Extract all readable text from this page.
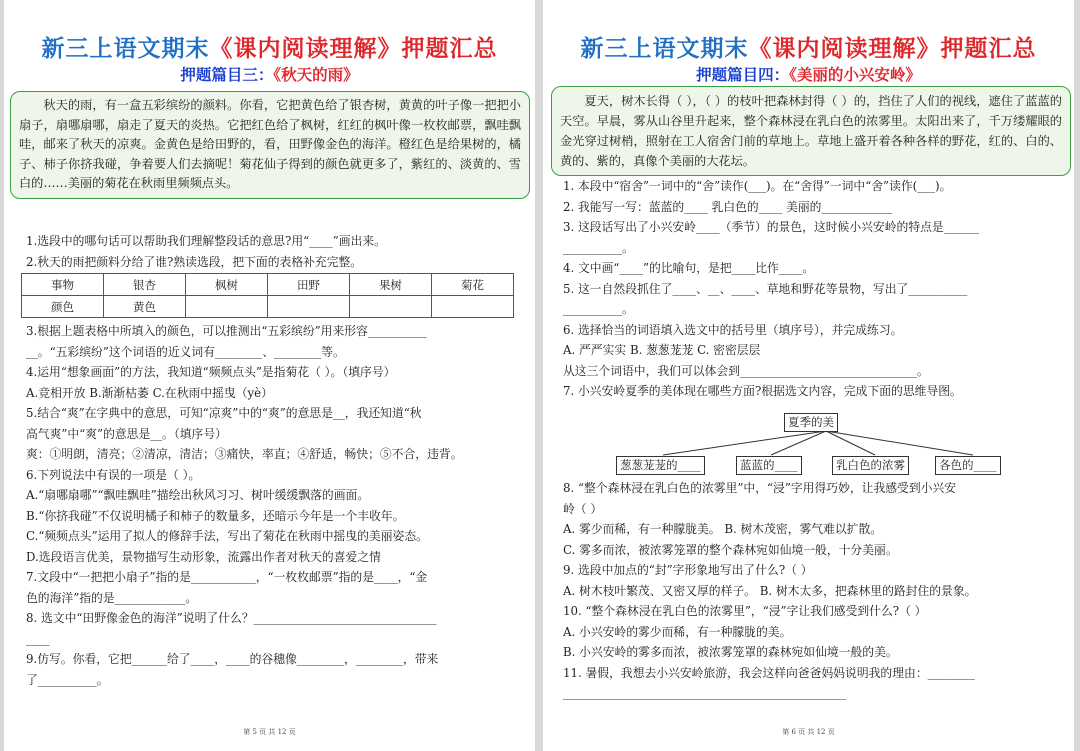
新三上语文期末《课内阅读理解》押题汇总
押题篇目三：《秋天的雨》
秋天的雨，有一盒五彩缤纷的颜料。你看，它把黄色给了银杏树，黄黄的叶子像一把把小扇子，扇哪扇哪，扇走了夏天的炎热。它把红色给了枫树，红红的枫叶像一枚枚邮票，飘哇飘哇，邮来了秋天的凉爽。金黄色是给田野的，看，田野像金色的海洋。橙红色是给果树的，橘子、柿子你挤我碰，争着要人们去摘呢！菊花仙子得到的颜色就更多了，紫红的、淡黄的、雪白的……美丽的菊花在秋雨里频频点头。
1.选段中的哪句话可以帮助我们理解整段话的意思?用“____”画出来。
2.秋天的雨把颜料分给了谁?熟读选段，把下面的表格补充完整。
事物	银杏	枫树	田野	果树	菊花
颜色	黄色				
3.根据上题表格中所填入的颜色，可以推测出“五彩缤纷”用来形容__________
__。“五彩缤纷”这个词语的近义词有________、________等。
4.运用“想象画面”的方法，我知道“频频点头”是指菊花（ ）。（填序号）
A.竞相开放 B.渐渐枯萎 C.在秋雨中摇曳（yè）
5.结合“爽”在字典中的意思，可知“凉爽”中的“爽”的意思是__，我还知道“秋
高气爽”中“爽”的意思是__。（填序号）
爽：①明朗，清亮；②清凉，清洁；③痛快，率直；④舒适，畅快；⑤不合，违背。
6.下列说法中有误的一项是（ ）。
A.“扇哪扇哪”“飘哇飘哇”描绘出秋风习习、树叶缓缓飘落的画面。
B.“你挤我碰”不仅说明橘子和柿子的数量多，还暗示今年是一个丰收年。
C.“频频点头”运用了拟人的修辞手法，写出了菊花在秋雨中摇曳的美丽姿态。
D.选段语言优美，景物描写生动形象，流露出作者对秋天的喜爱之情
7.文段中“一把把小扇子”指的是___________，“一枚枚邮票”指的是____，“金
色的海洋”指的是____________。
8. 选文中“田野像金色的海洋”说明了什么？_______________________________
____
9.仿写。你看，它把______给了____，____的谷穗像________，________，带来
了__________。
第 5 页 共 12 页
新三上语文期末《课内阅读理解》押题汇总
押题篇目四：《美丽的小兴安岭》
夏天，树木长得（ ），（ ）的枝叶把森林封得（ ）的，挡住了人们的视线，遮住了蓝蓝的天空。早晨，雾从山谷里升起来，整个森林浸在乳白色的浓雾里。太阳出来了，千万缕耀眼的金光穿过树梢，照射在工人宿舍门前的草地上。草地上盛开着各种各样的野花，红的、白的、黄的、紫的，真像个美丽的大花坛。
1. 本段中“宿舍”一词中的“舍”读作(___)。在“舍得”一词中“舍”读作(___)。
2. 我能写一写：蓝蓝的____ 乳白色的____ 美丽的____________
3. 这段话写出了小兴安岭____（季节）的景色，这时候小兴安岭的特点是______
__________。
4. 文中画“____”的比喻句，是把____比作____。
5. 这一自然段抓住了____、__、____、草地和野花等景物，写出了__________
__________。
6. 选择恰当的词语填入选文中的括号里（填序号），并完成练习。
A. 严严实实 B. 葱葱茏茏 C. 密密层层
从这三个词语中，我们可以体会到______________________________。
7. 小兴安岭夏季的美体现在哪些方面?根据选文内容，完成下面的思维导图。
夏季的美
葱葱茏茏的____	蓝蓝的____	乳白色的浓雾	各色的____
8. “整个森林浸在乳白色的浓雾里”中，“浸”字用得巧妙，让我感受到小兴安
岭（ ）
A. 雾少而稀，有一种朦胧美。 B. 树木茂密，雾气难以扩散。
C. 雾多而浓，被浓雾笼罩的整个森林宛如仙境一般，十分美丽。
9. 选段中加点的“封”字形象地写出了什么?（ ）
A. 树木枝叶繁茂、又密又厚的样子。 B. 树木太多，把森林里的路封住的景象。
10. “整个森林浸在乳白色的浓雾里”，“浸”字让我们感受到什么?（ ）
A. 小兴安岭的雾少而稀，有一种朦胧的美。
B. 小兴安岭的雾多而浓，被浓雾笼罩的森林宛如仙境一般的美。
11. 暑假，我想去小兴安岭旅游，我会这样向爸爸妈妈说明我的理由：________
________________________________________________
第 6 页 共 12 页
